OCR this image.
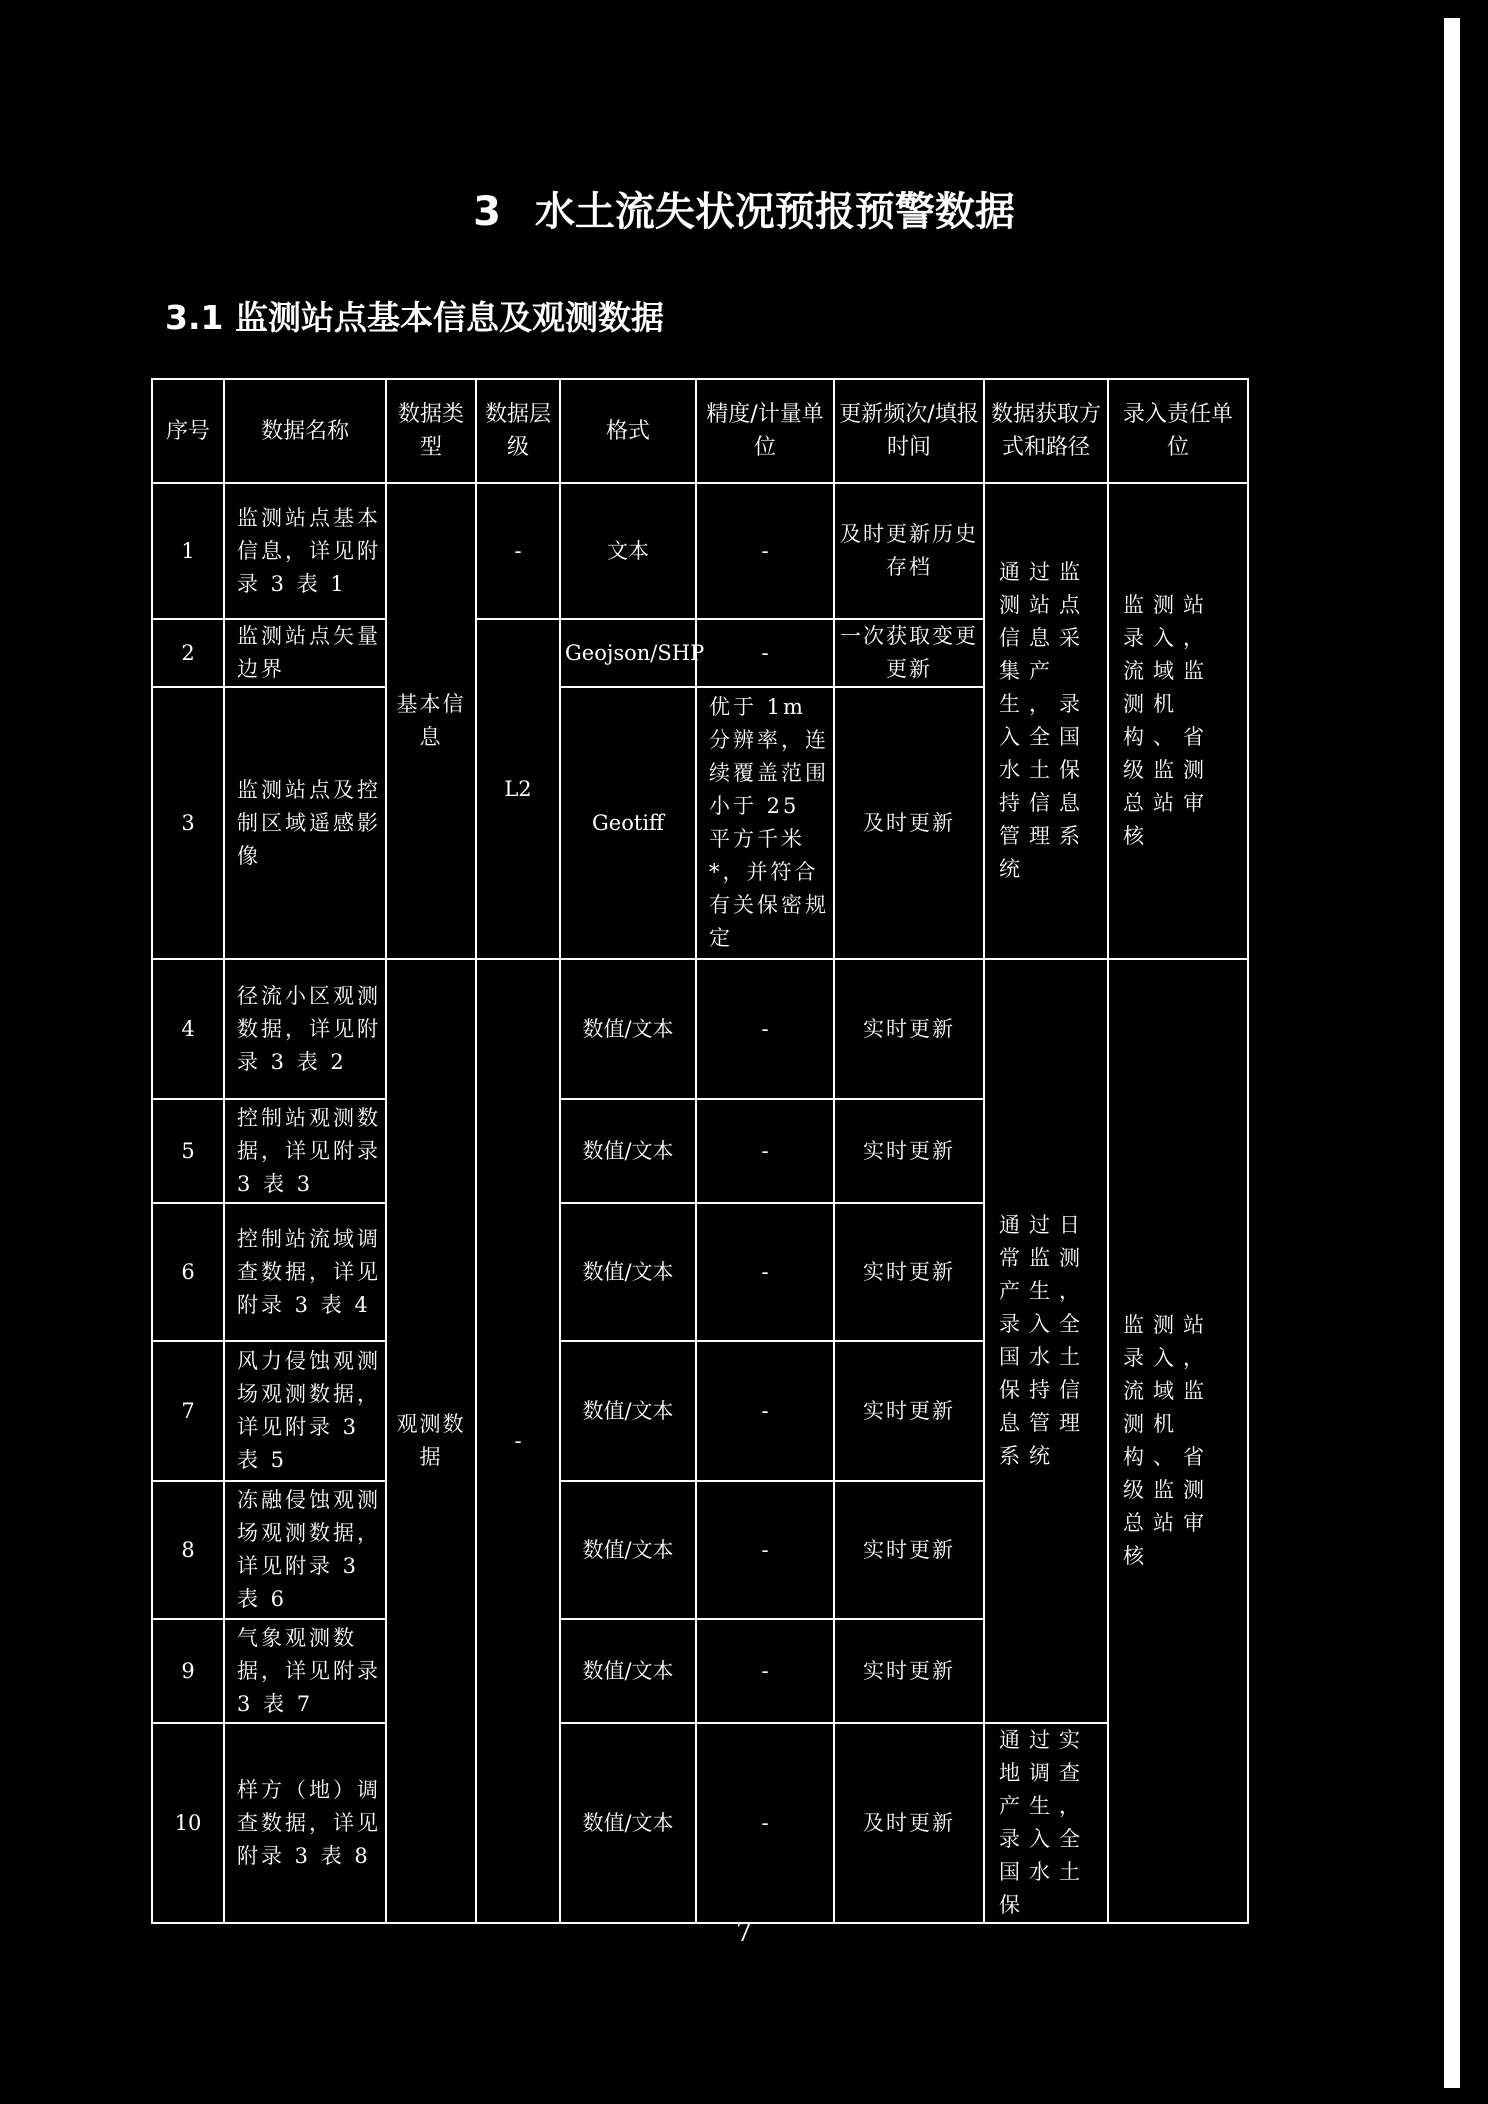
3 水土流失状况预报预警数据
3.1 监测站点基本信息及观测数据
序号	数据名称	数据类型	数据层级	格式	精度/计量单位	更新频次/填报时间	数据获取方式和路径	录入责任单位
1	监测站点基本信息，详见附录 3 表 1	基本信息	-	文本	-	及时更新历史存档	通过监测站点信息采集产生，录入全国水土保持信息管理系统	监测站录入，流域监测机构、省级监测总站审核
2	监测站点矢量边界		L2	Geojson/SHP	-	一次获取变更更新		
3	监测站点及控制区域遥感影像			Geotiff	优于 1m 分辨率，连续覆盖范围小于 25 平方千米*，并符合有关保密规定	及时更新		
4	径流小区观测数据，详见附录 3 表 2	观测数据	-	数值/文本	-	实时更新	通过日常监测产生，录入全国水土保持信息管理系统	监测站录入，流域监测机构、省级监测总站审核
5	控制站观测数据，详见附录 3 表 3			数值/文本	-	实时更新		
6	控制站流域调查数据，详见附录 3 表 4			数值/文本	-	实时更新		
7	风力侵蚀观测场观测数据，详见附录 3 表 5			数值/文本	-	实时更新		
8	冻融侵蚀观测场观测数据，详见附录 3 表 6			数值/文本	-	实时更新		
9	气象观测数据，详见附录 3 表 7			数值/文本	-	实时更新		
10	样方（地）调查数据，详见附录 3 表 8			数值/文本	-	及时更新	通过实地调查产生，录入全国水土保	
7
